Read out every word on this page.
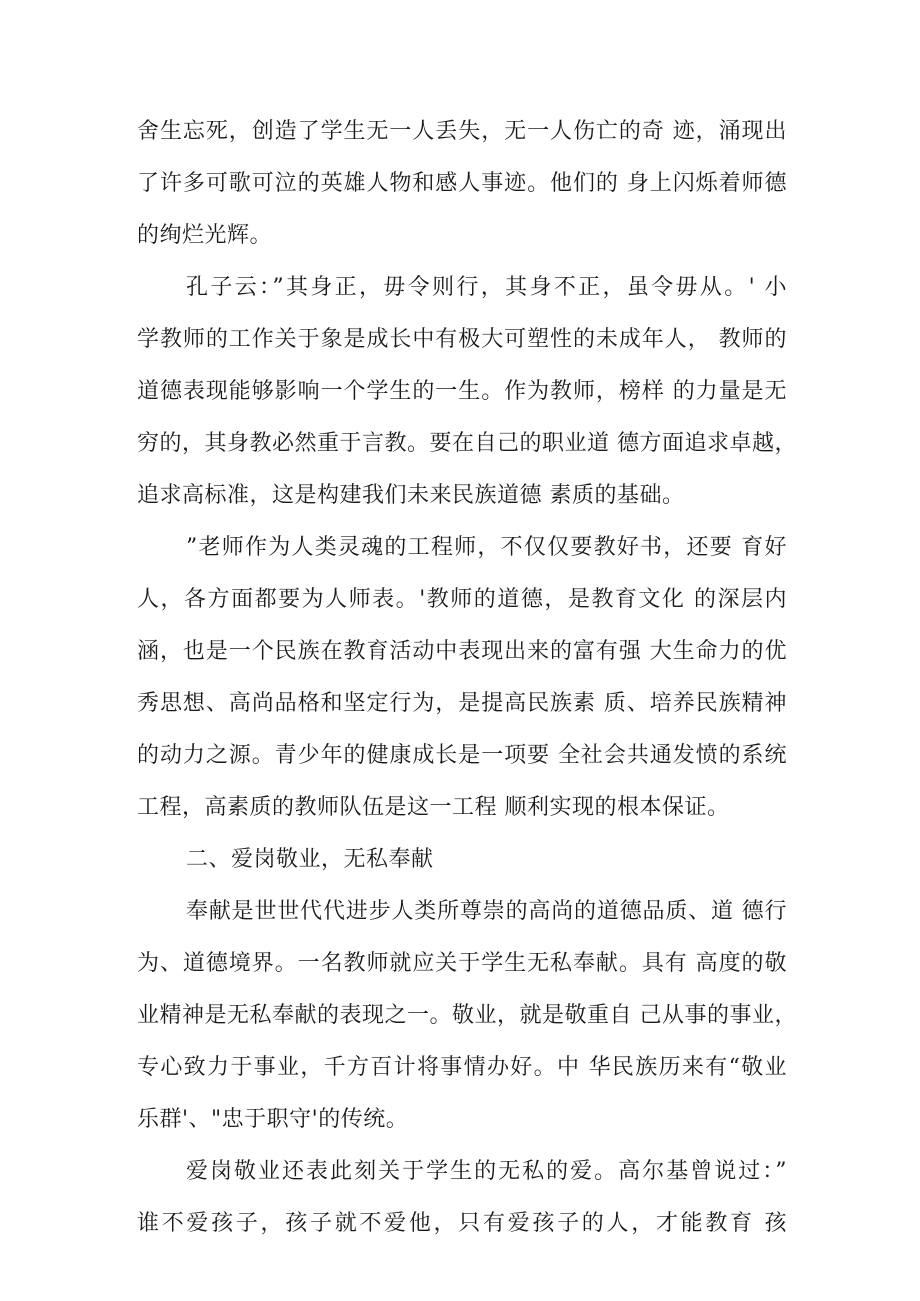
舍生忘死，创造了学生无一人丢失，无一人伤亡的奇 迹，涌现出
了许多可歌可泣的英雄人物和感人事迹。他们的 身上闪烁着师德
的绚烂光辉。
孔子云：”其身正，毋令则行，其身不正，虽令毋从。' 小
学教师的工作关于象是成长中有极大可塑性的未成年人， 教师的
道德表现能够影响一个学生的一生。作为教师，榜样 的力量是无
穷的，其身教必然重于言教。要在自己的职业道 德方面追求卓越，
追求高标准，这是构建我们未来民族道德 素质的基础。
”老师作为人类灵魂的工程师，不仅仅要教好书，还要 育好
人，各方面都要为人师表。'教师的道德，是教育文化 的深层内
涵，也是一个民族在教育活动中表现出来的富有强 大生命力的优
秀思想、高尚品格和坚定行为，是提高民族素 质、培养民族精神
的动力之源。青少年的健康成长是一项要 全社会共通发愤的系统
工程，高素质的教师队伍是这一工程 顺利实现的根本保证。
二、爱岗敬业，无私奉献
奉献是世世代代进步人类所尊崇的高尚的道德品质、道 德行
为、道德境界。一名教师就应关于学生无私奉献。具有 高度的敬
业精神是无私奉献的表现之一。敬业，就是敬重自 己从事的事业，
专心致力于事业，千方百计将事情办好。中 华民族历来有“敬业
乐群'、"忠于职守'的传统。
爱岗敬业还表此刻关于学生的无私的爱。高尔基曾说过：”
谁不爱孩子，孩子就不爱他，只有爱孩子的人，才能教育 孩
